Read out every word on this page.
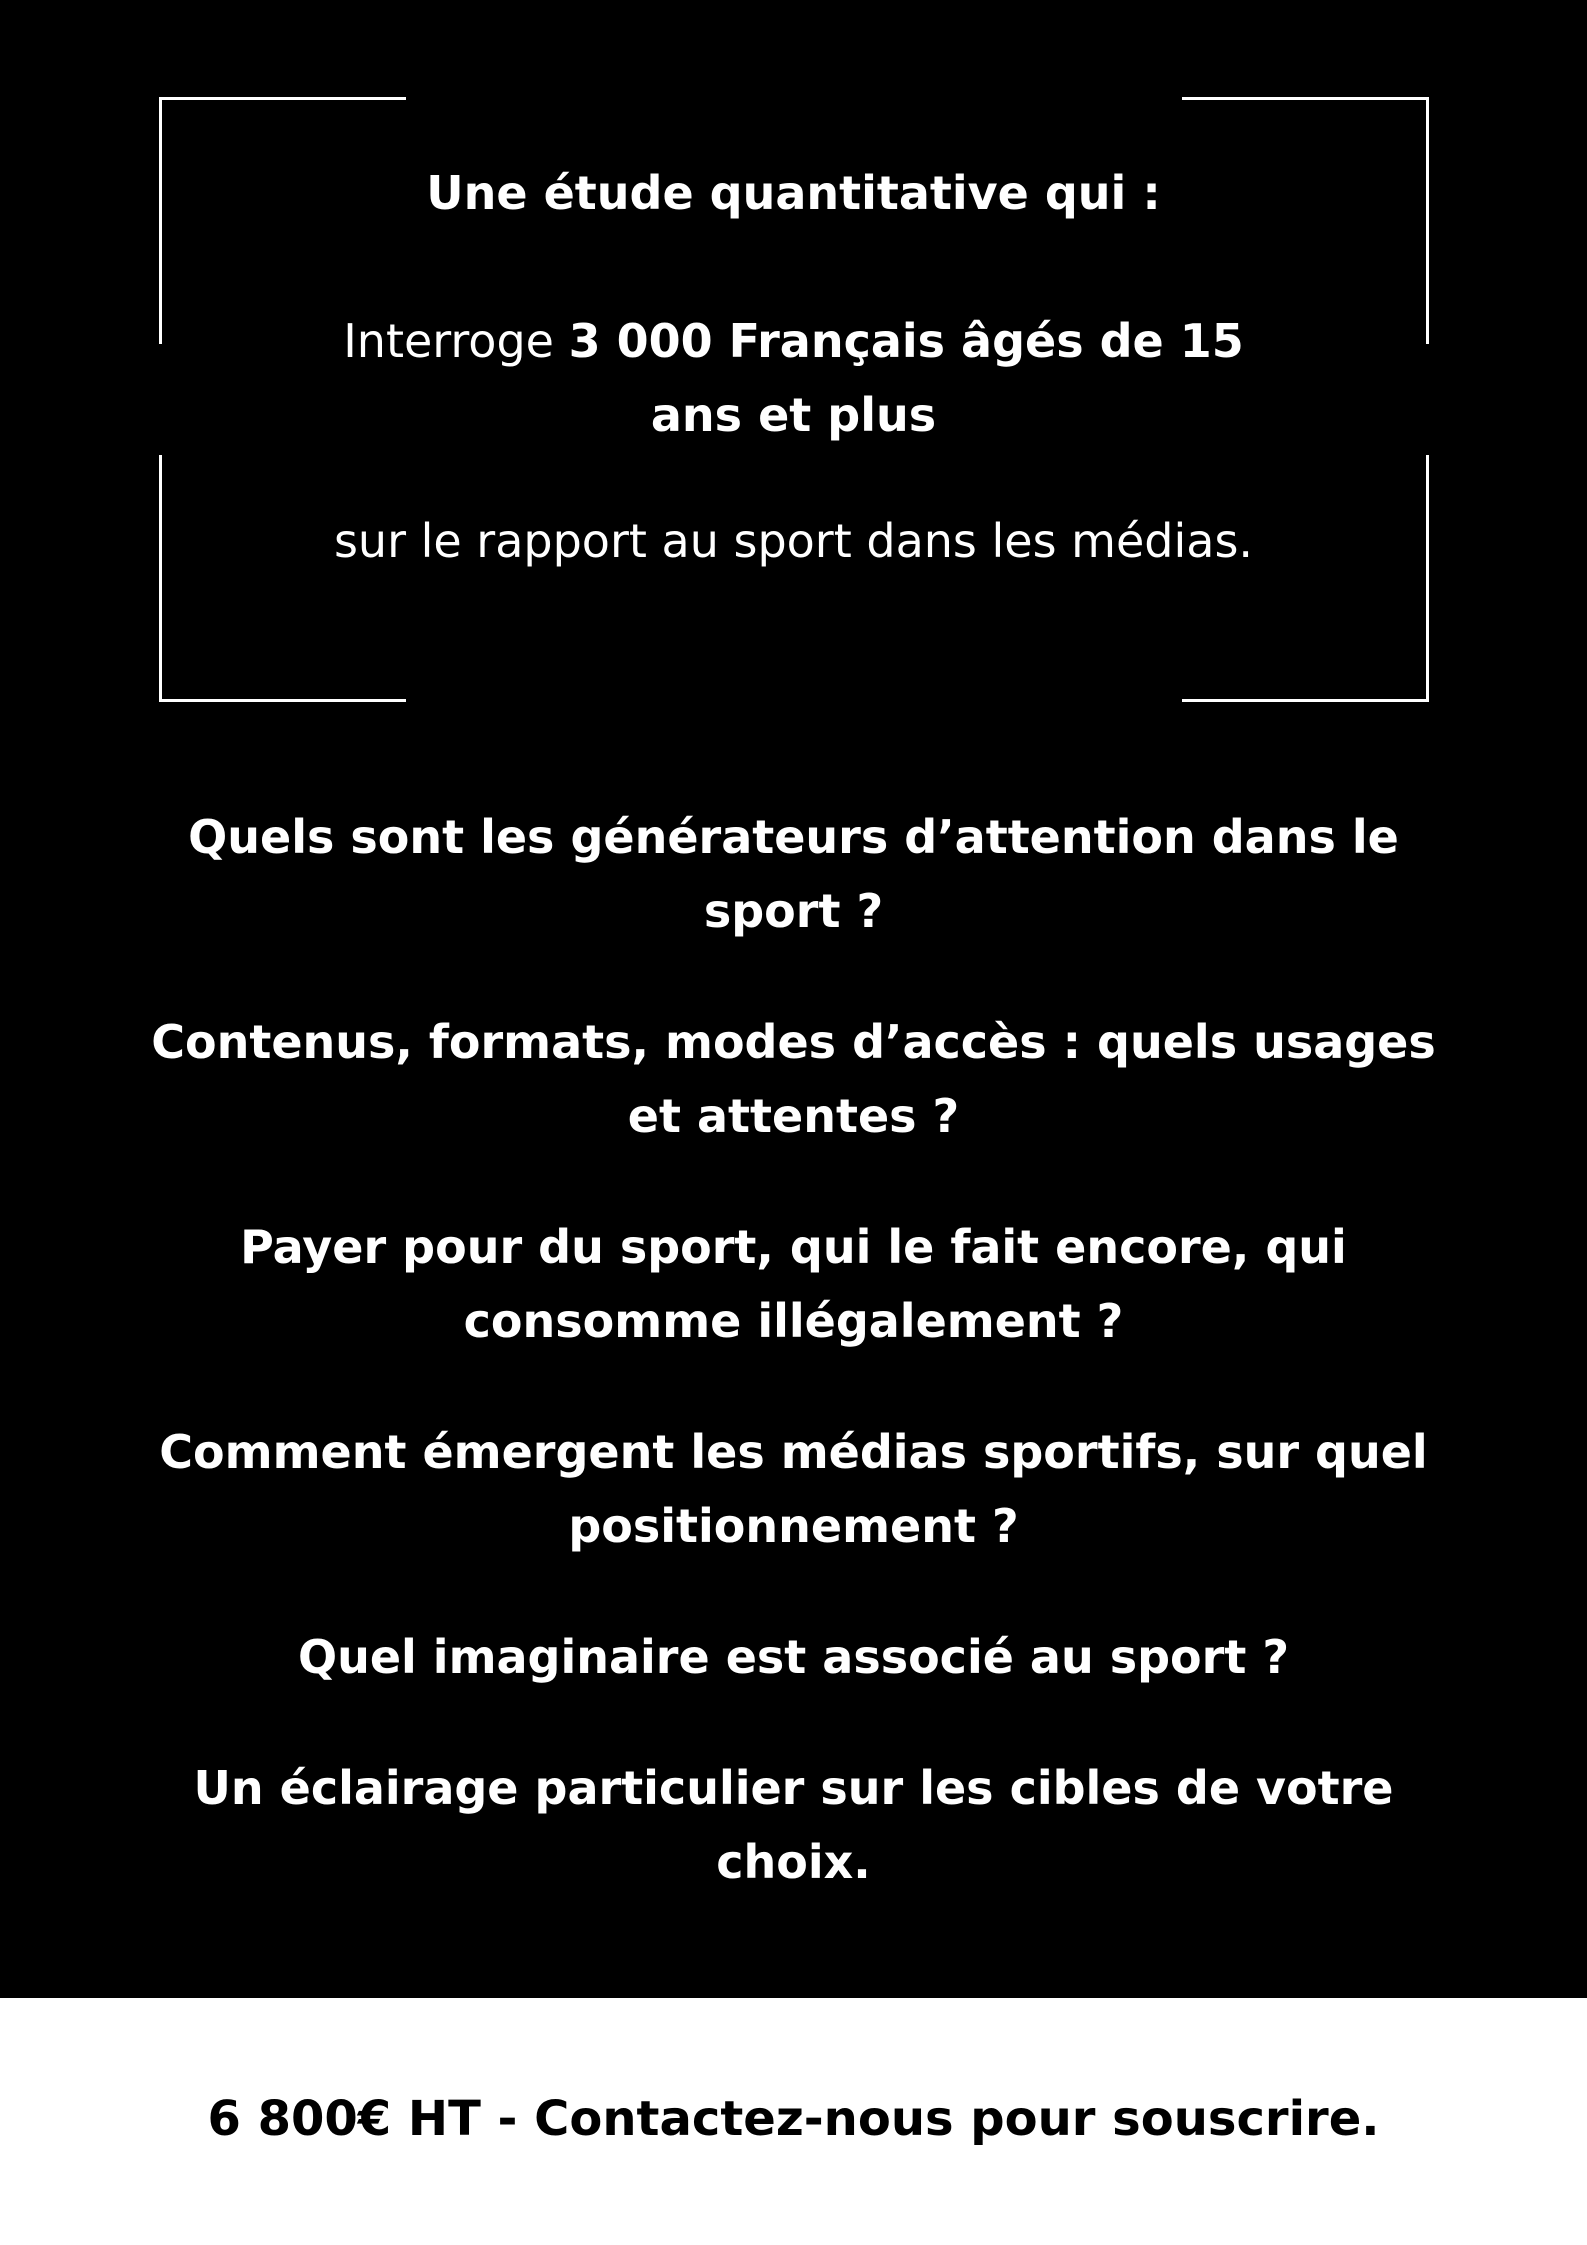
Une étude quantitative qui :

Interroge 3 000 Français âgés de 15 ans et plus

sur le rapport au sport dans les médias.

Quels sont les générateurs d’attention dans le sport ?
Contenus, formats, modes d’accès : quels usages et attentes ?
Payer pour du sport, qui le fait encore, qui consomme illégalement ?
Comment émergent les médias sportifs, sur quel positionnement ?
Quel imaginaire est associé au sport ?
Un éclairage particulier sur les cibles de votre choix.

6 800€ HT - Contactez-nous pour souscrire.
